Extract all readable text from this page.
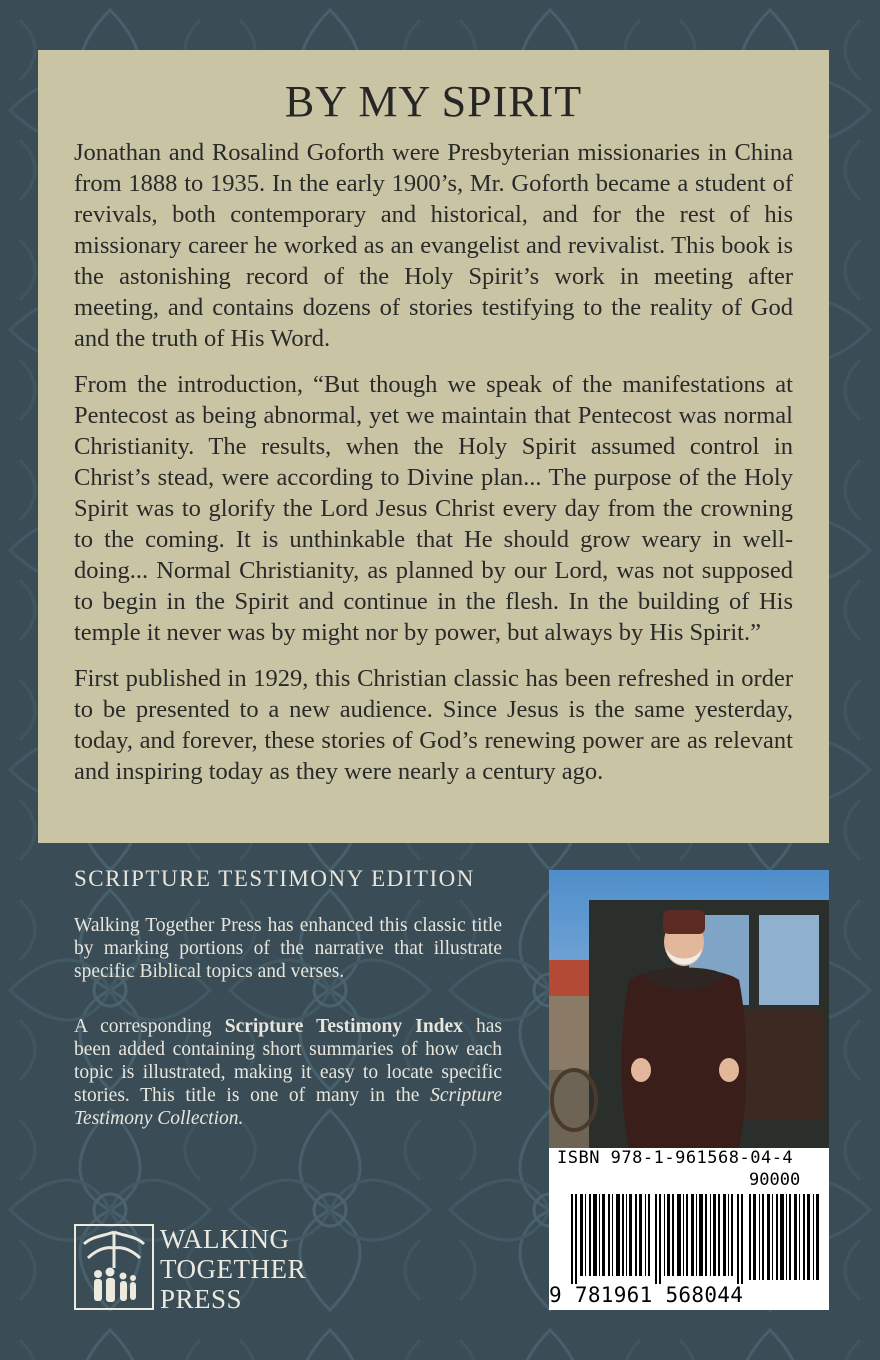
BY MY SPIRIT

Jonathan and Rosalind Goforth were Presbyterian missionaries in China from 1888 to 1935. In the early 1900’s, Mr. Goforth became a student of revivals, both contemporary and historical, and for the rest of his missionary career he worked as an evangelist and revivalist. This book is the astonishing record of the Holy Spirit’s work in meeting after meeting, and contains dozens of stories testifying to the reality of God and the truth of His Word.

From the introduction, “But though we speak of the manifestations at Pentecost as being abnormal, yet we maintain that Pentecost was normal Christianity. The results, when the Holy Spirit assumed control in Christ’s stead, were according to Divine plan... The purpose of the Holy Spirit was to glorify the Lord Jesus Christ every day from the crowning to the coming. It is unthinkable that He should grow weary in well-doing... Normal Christianity, as planned by our Lord, was not supposed to begin in the Spirit and continue in the flesh. In the building of His temple it never was by might nor by power, but always by His Spirit.”

First published in 1929, this Christian classic has been refreshed in order to be presented to a new audience. Since Jesus is the same yesterday, today, and forever, these stories of God’s renewing power are as relevant and inspiring today as they were nearly a century ago.

SCRIPTURE TESTIMONY EDITION

Walking Together Press has enhanced this classic title by marking portions of the narrative that illustrate specific Biblical topics and verses.

A corresponding Scripture Testimony Index has been added containing short summaries of how each topic is illustrated, making it easy to locate specific stories. This title is one of many in the Scripture Testimony Collection.

ISBN 978-1-961568-04-4
90000
9 781961 568044
WALKING
TOGETHER
PRESS
